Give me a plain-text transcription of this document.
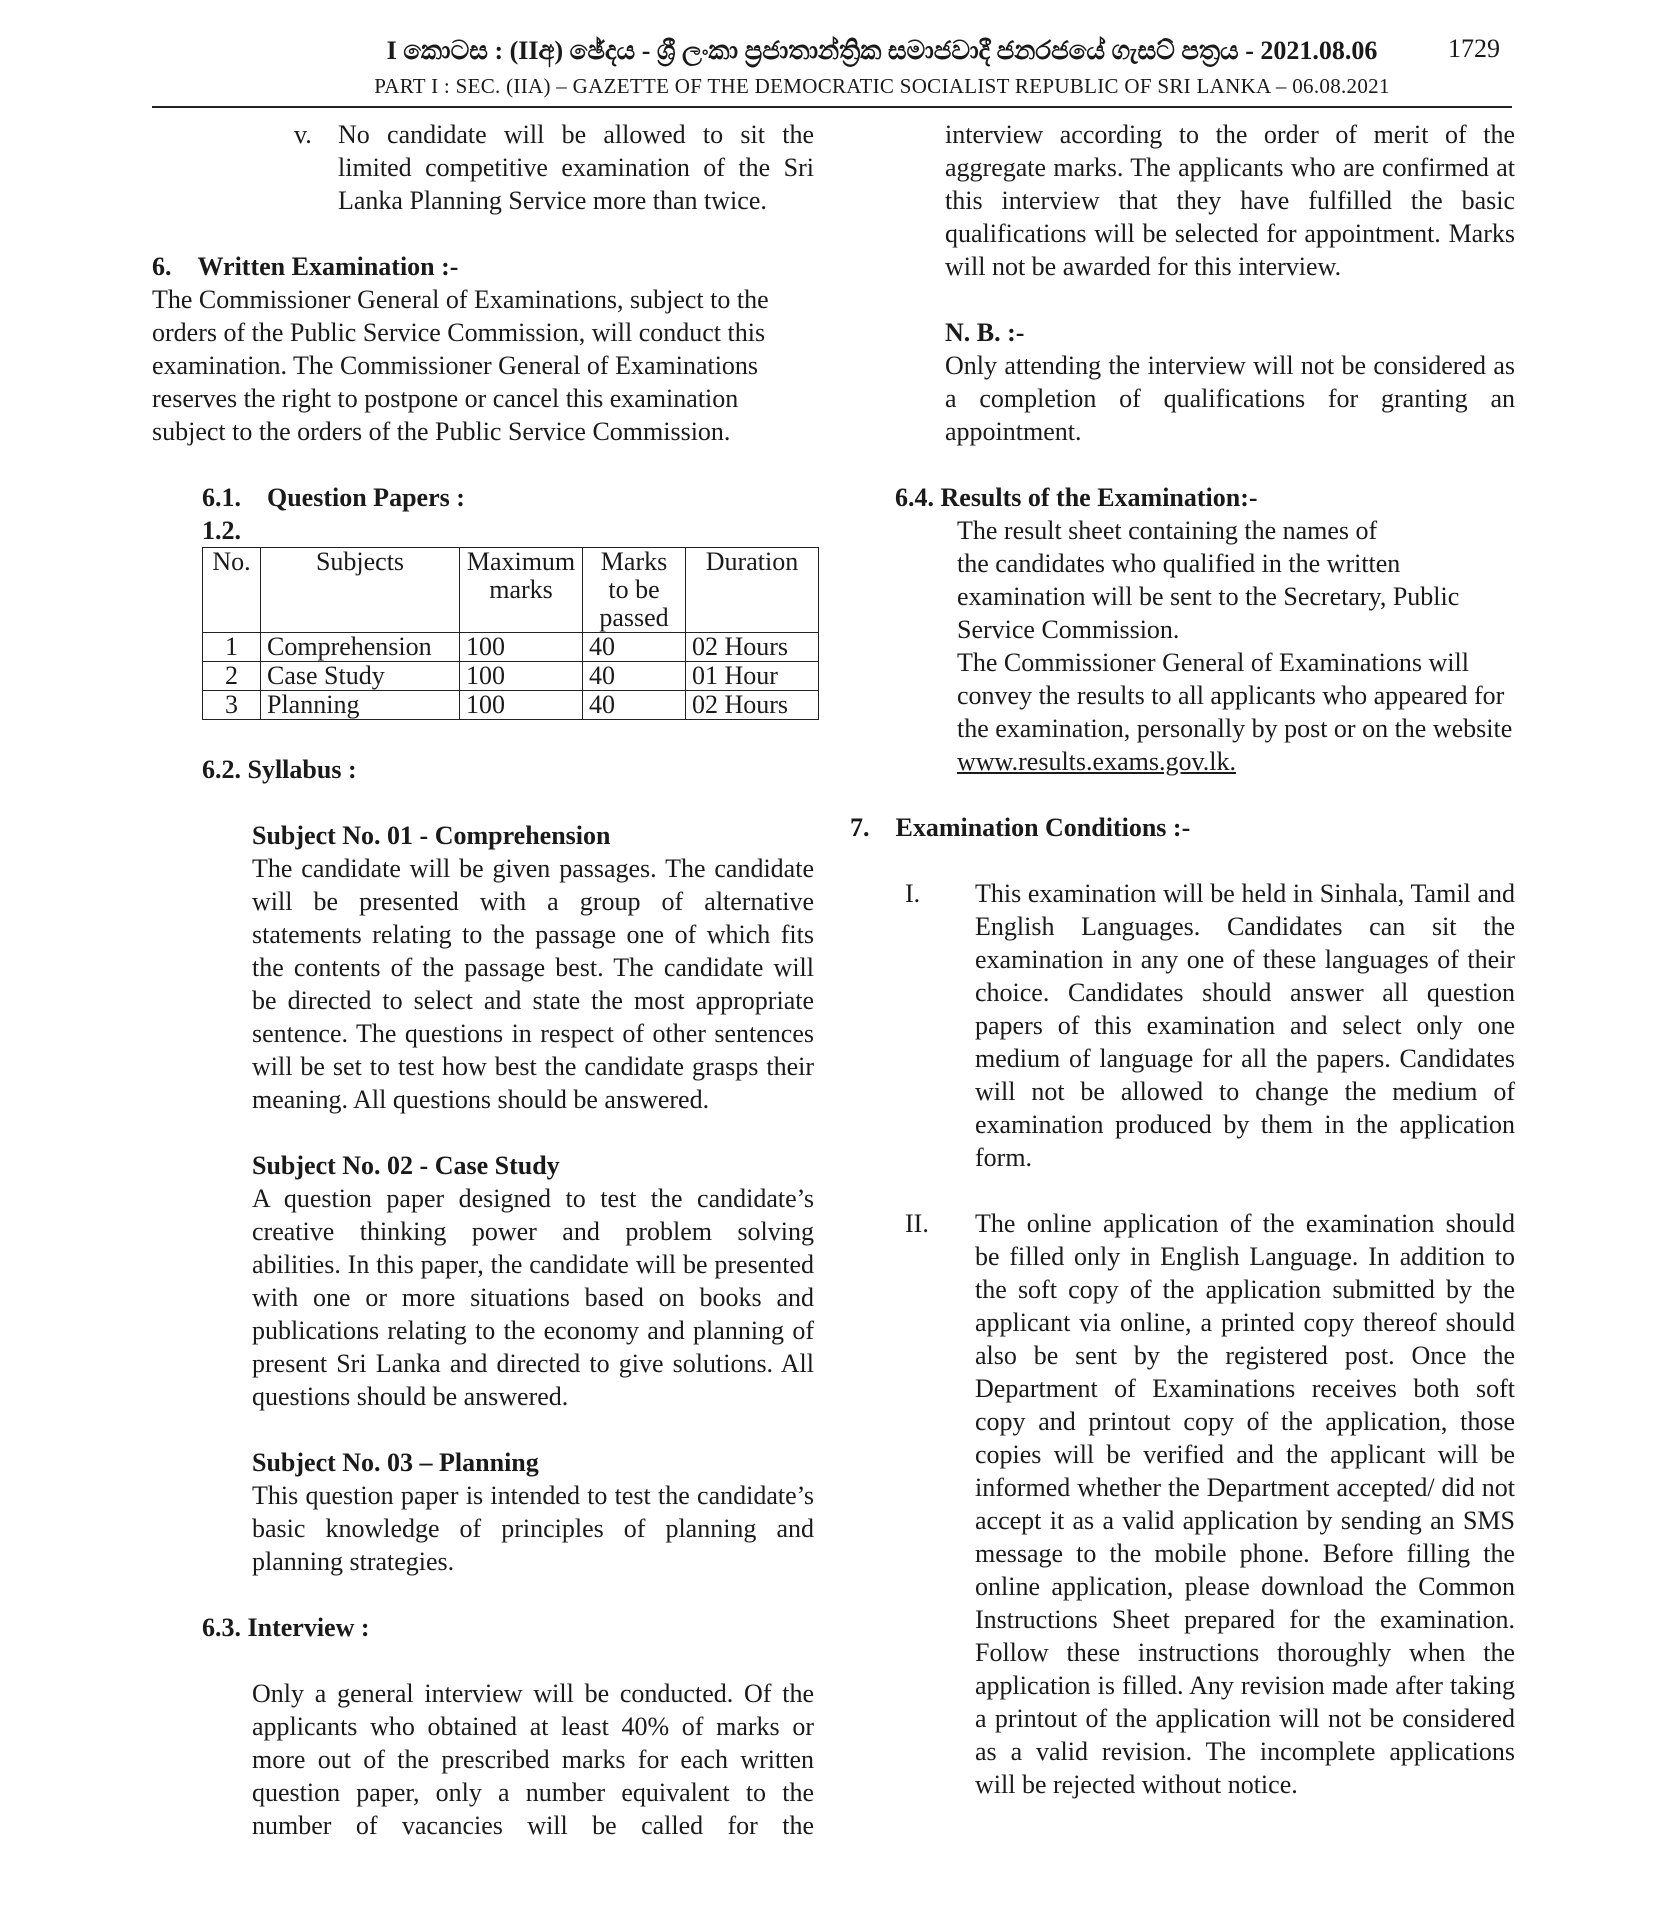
I කොටස : (IIඅ) ඡේදය - ශ්‍රී ලංකා ප්‍රජාතාන්ත්‍රික සමාජවාදී ජනරජයේ ගැසට් පත්‍රය - 2021.08.06	1729
PART I : SEC. (IIA) – GAZETTE OF THE DEMOCRATIC SOCIALIST REPUBLIC OF SRI LANKA – 06.08.2021
v.	No candidate will be allowed to sit the limited competitive examination of the Sri Lanka Planning Service more than twice.

6. Written Examination :-

The Commissioner General of Examinations, subject to the orders of the Public Service Commission, will conduct this examination. The Commissioner General of Examinations reserves the right to postpone or cancel this examination subject to the orders of the Public Service Commission.

6.1. Question Papers :
1.2.
No.	Subjects	Maximum marks	Marks to be passed	Duration
1	Comprehension	100	40	02 Hours
2	Case Study	100	40	01 Hour
3	Planning	100	40	02 Hours
6.2. Syllabus :
Subject No. 01 - Comprehension

The candidate will be given passages. The candidate will be presented with a group of alternative statements relating to the passage one of which fits the contents of the passage best. The candidate will be directed to select and state the most appropriate sentence. The questions in respect of other sentences will be set to test how best the candidate grasps their meaning. All questions should be answered.

Subject No. 02 - Case Study

A question paper designed to test the candidate’s creative thinking power and problem solving abilities. In this paper, the candidate will be presented with one or more situations based on books and publications relating to the economy and planning of present Sri Lanka and directed to give solutions. All questions should be answered.

Subject No. 03 – Planning

This question paper is intended to test the candidate’s basic knowledge of principles of planning and planning strategies.

6.3. Interview :

Only a general interview will be conducted. Of the applicants who obtained at least 40% of marks or more out of the prescribed marks for each written question paper, only a number equivalent to the number of vacancies will be called for the

interview according to the order of merit of the aggregate marks. The applicants who are confirmed at this interview that they have fulfilled the basic qualifications will be selected for appointment. Marks will not be awarded for this interview.

N. B. :-

Only attending the interview will not be considered as a completion of qualifications for granting an appointment.

6.4. Results of the Examination:-

The result sheet containing the names of

the candidates who qualified in the written

examination will be sent to the Secretary, Public

Service Commission.

The Commissioner General of Examinations will convey the results to all applicants who appeared for the examination, personally by post or on the website www.results.exams.gov.lk.

7. Examination Conditions :-
I.	This examination will be held in Sinhala, Tamil and English Languages. Candidates can sit the examination in any one of these languages of their choice. Candidates should answer all question papers of this examination and select only one medium of language for all the papers. Candidates will not be allowed to change the medium of examination produced by them in the application form.

II.	The online application of the examination should be filled only in English Language. In addition to the soft copy of the application submitted by the applicant via online, a printed copy thereof should also be sent by the registered post. Once the Department of Examinations receives both soft copy and printout copy of the application, those copies will be verified and the applicant will be informed whether the Department accepted/ did not accept it as a valid application by sending an SMS message to the mobile phone. Before filling the online application, please download the Common Instructions Sheet prepared for the examination. Follow these instructions thoroughly when the application is filled. Any revision made after taking a printout of the application will not be considered as a valid revision. The incomplete applications will be rejected without notice.
